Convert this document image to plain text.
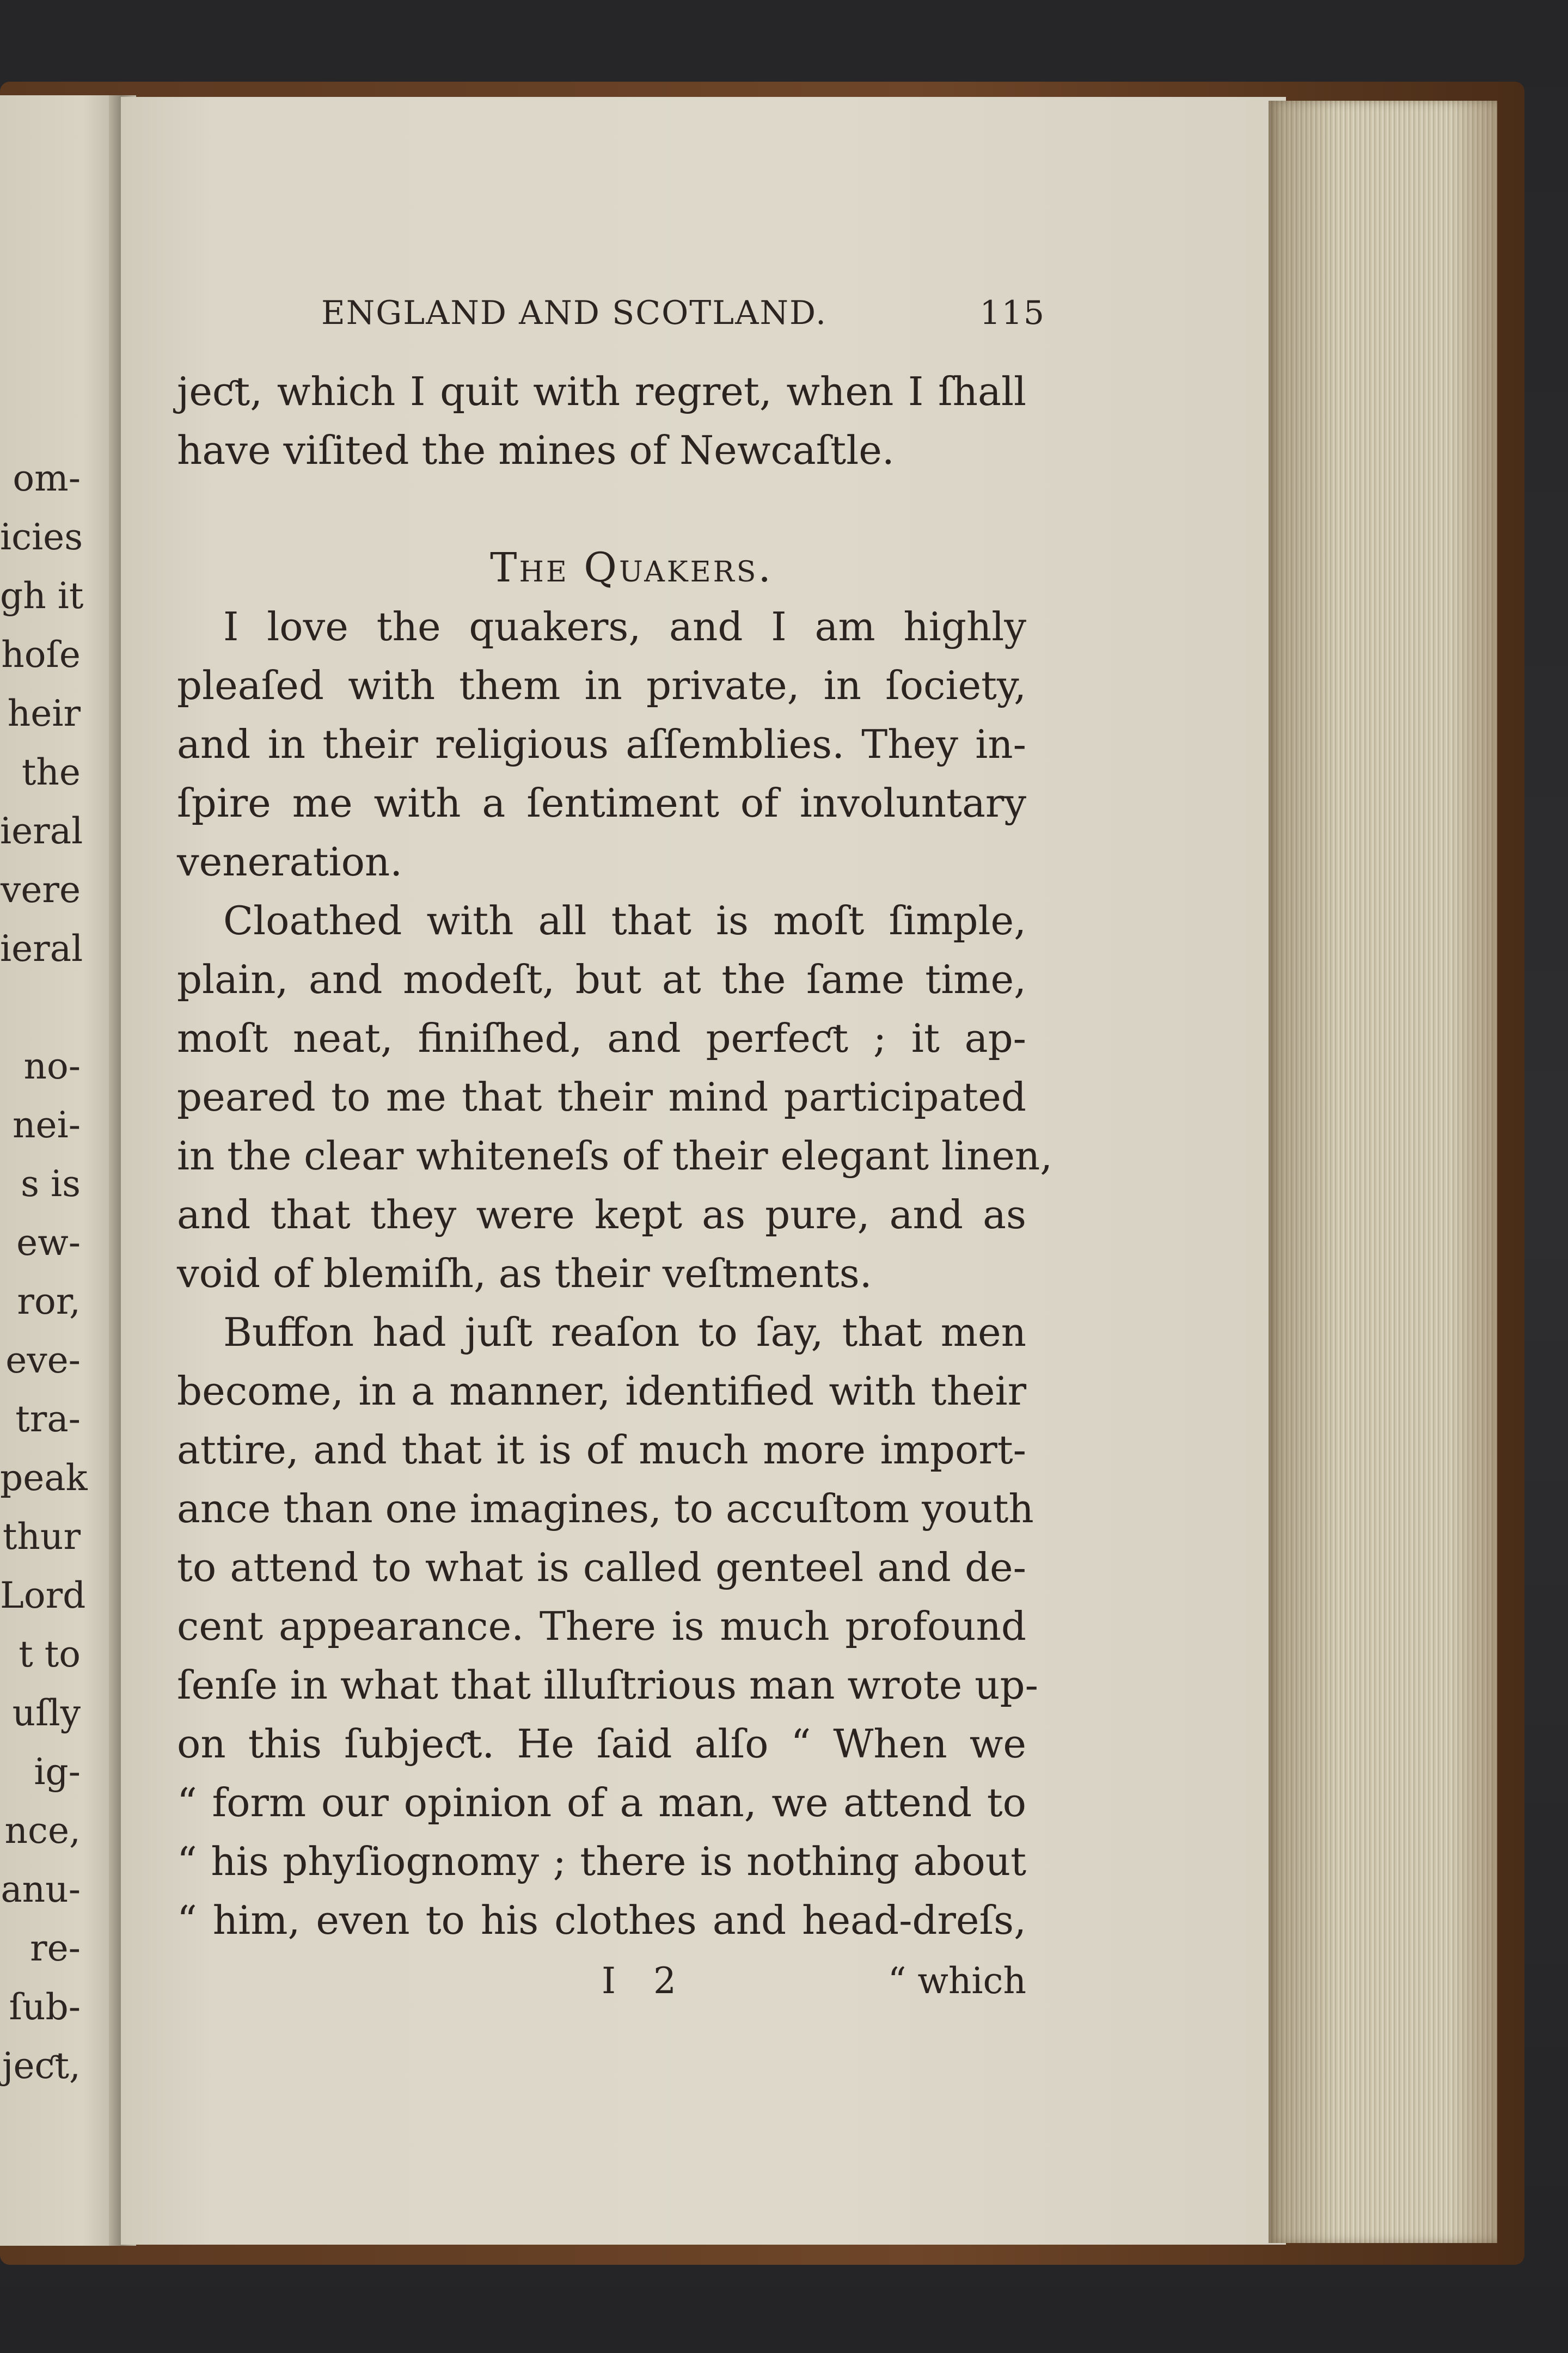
om-
icies
gh it
hoſe
heir
the
ieral
vere
ieral
no-
nei-
s is
ew-
ror,
eve-
tra-
peak
thur
Lord
t to
uſly
ig-
nce,
anu-
re-
ſub-
jeƈt,
ENGLAND AND SCOTLAND.	115
jeƈt, which I quit with regret, when I ſhall
have viſited the mines of Newcaſtle.
The Quakers.
I love the quakers, and I am highly
pleaſed with them in private, in ſociety,
and in their religious aſſemblies. They in-
ſpire me with a ſentiment of involuntary
veneration.
Cloathed with all that is moſt ſimple,
plain, and modeſt, but at the ſame time,
moſt neat, finiſhed, and perfeƈt ; it ap-
peared to me that their mind participated
in the clear whiteneſs of their elegant linen,
and that they were kept as pure, and as
void of blemiſh, as their veſtments.
Buffon had juſt reaſon to ſay, that men
become, in a manner, identified with their
attire, and that it is of much more import-
ance than one imagines, to accuſtom youth
to attend to what is called genteel and de-
cent appearance. There is much profound
ſenſe in what that illuſtrious man wrote up-
on this ſubjeƈt. He ſaid alſo “ When we
“ form our opinion of a man, we attend to
“ his phyſiognomy ; there is nothing about
“ him, even to his clothes and head-dreſs,
I 2	“ which
